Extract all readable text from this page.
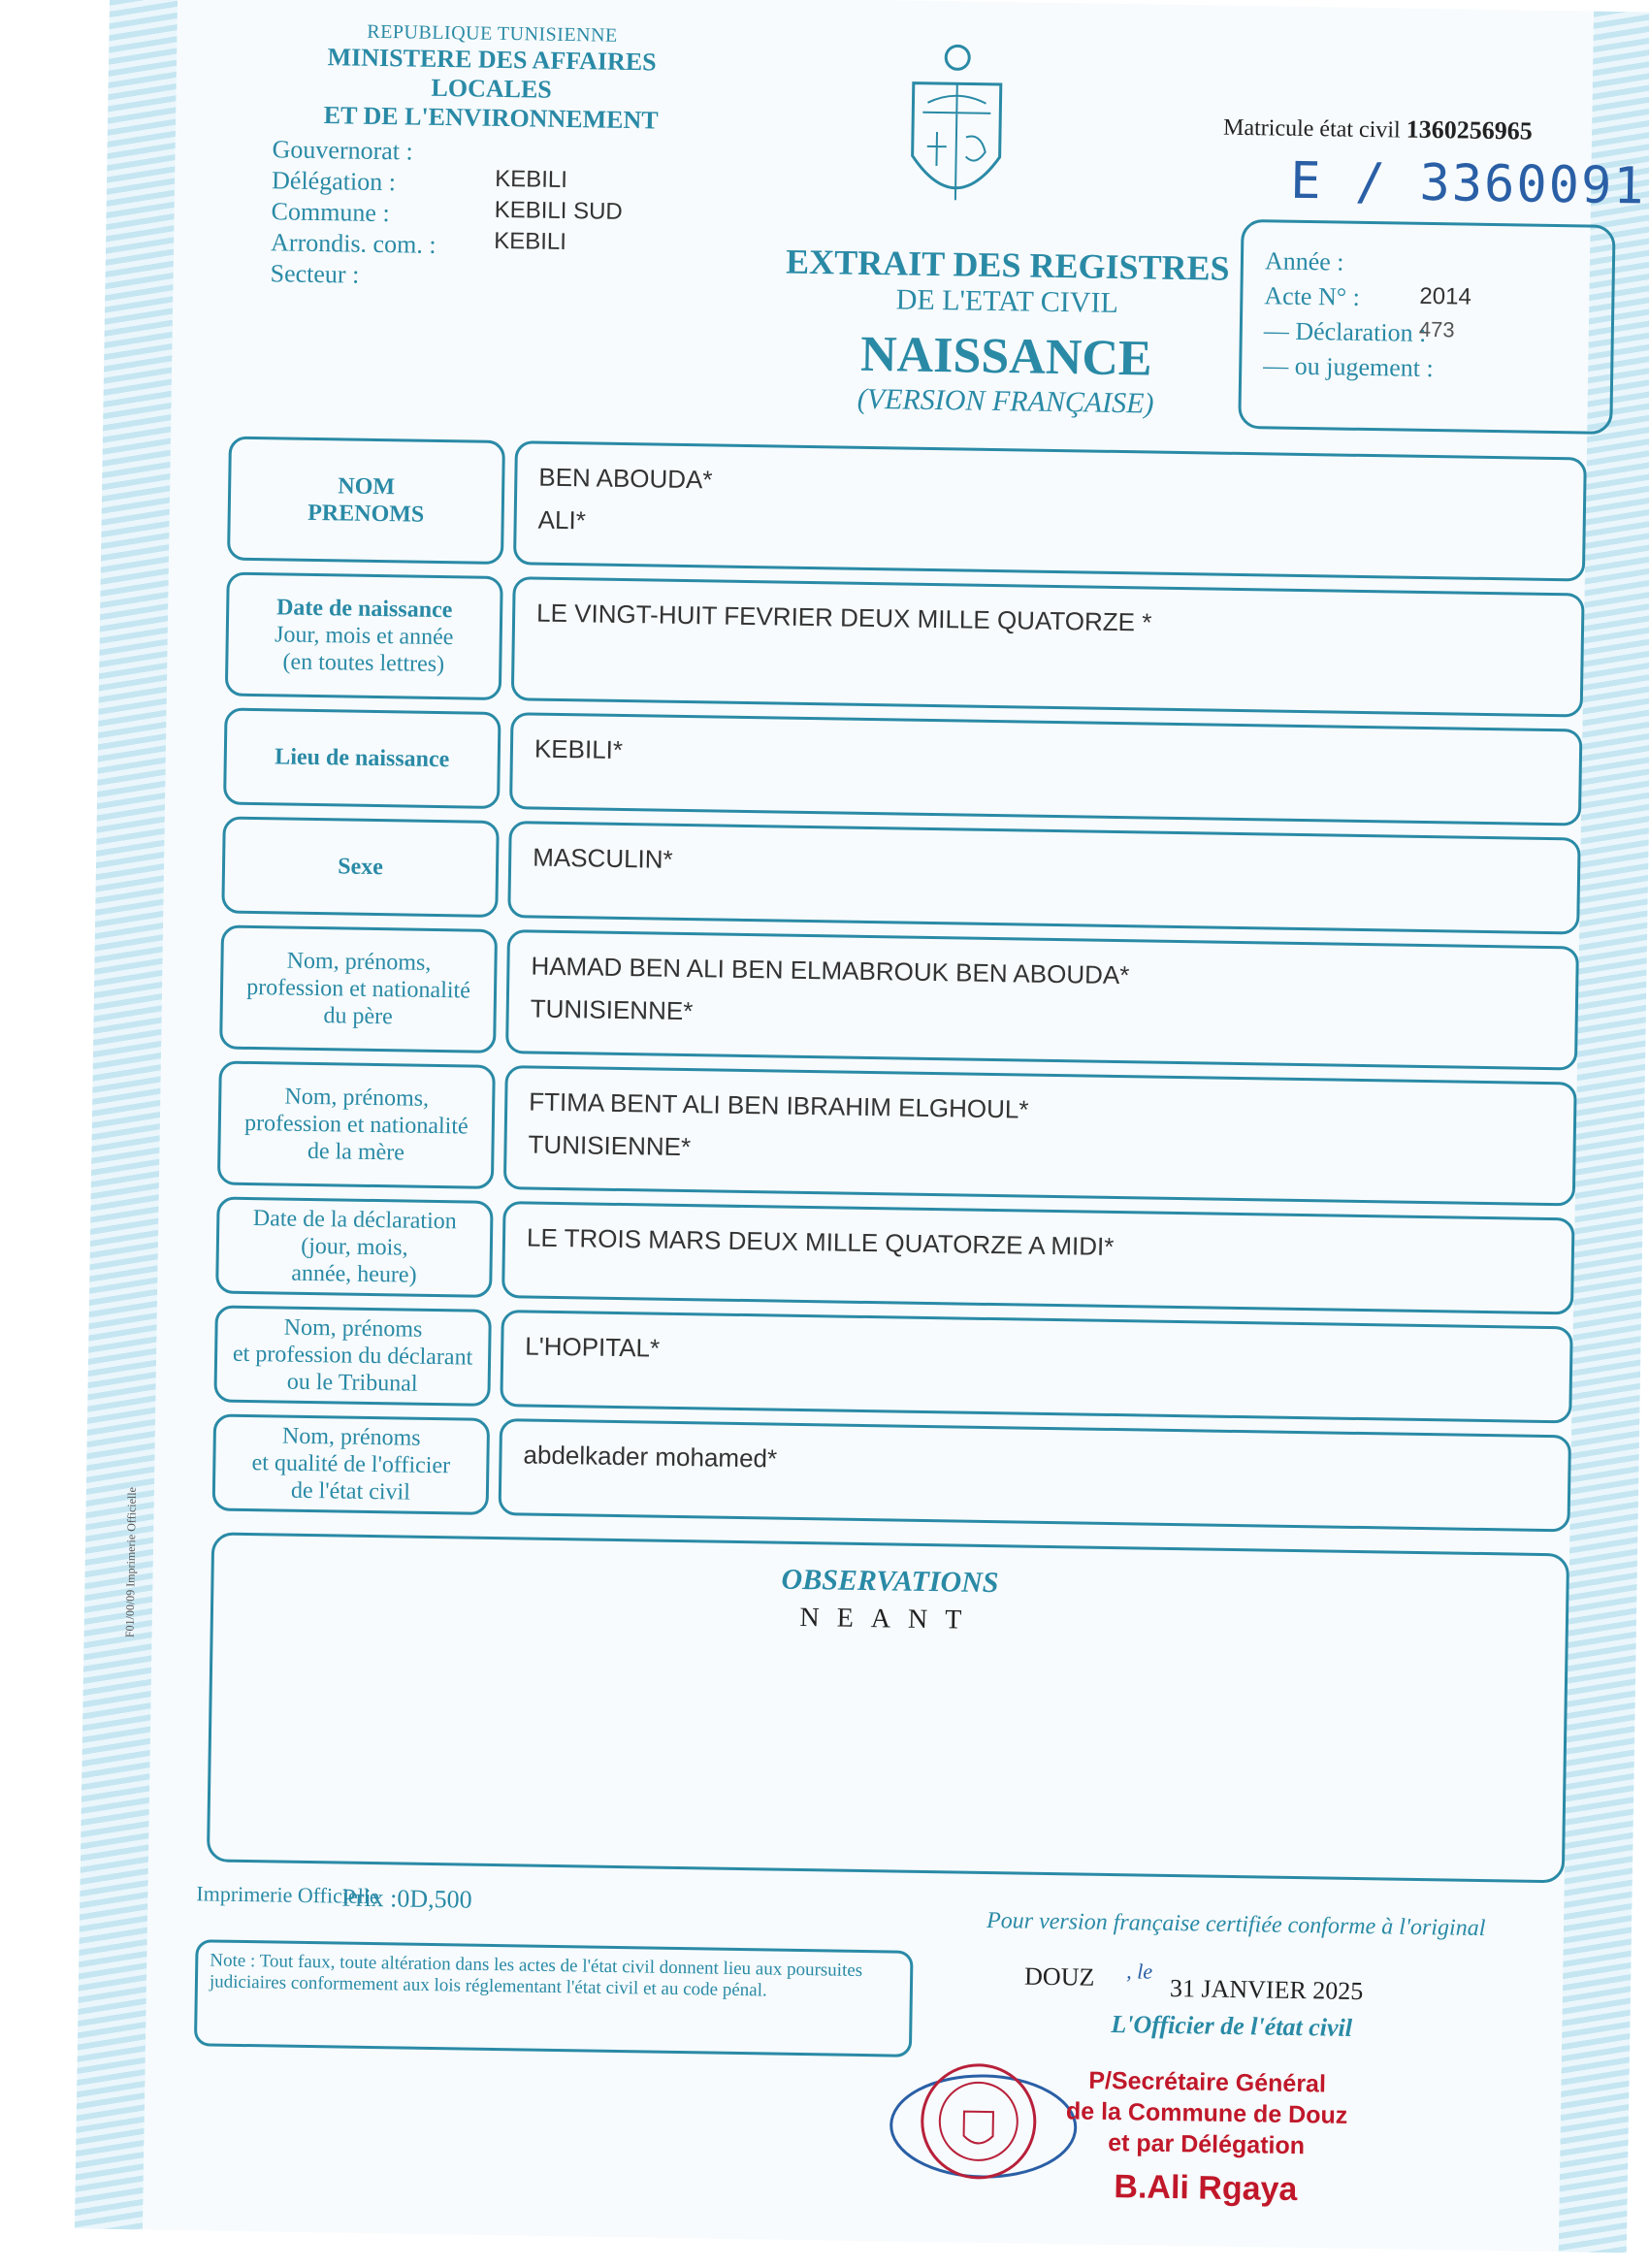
REPUBLIQUE TUNISIENNE
MINISTERE DES AFFAIRES LOCALES
ET DE L'ENVIRONNEMENT
Gouvernorat :
Délégation :
Commune :
Arrondis. com. :
Secteur :
KEBILI
KEBILI SUD
KEBILI
Matricule état civil 1360256965
E / 3360091
Année :
Acte N° :
— Déclaration :
— ou jugement :
2014
473
EXTRAIT DES REGISTRES
DE L'ETAT CIVIL
NAISSANCE
(VERSION FRANÇAISE)
NOM
PRENOMS
BEN ABOUDA*
ALI*
Date de naissance
Jour, mois et année
(en toutes lettres)
LE VINGT-HUIT FEVRIER DEUX MILLE QUATORZE *
Lieu de naissance	KEBILI*
Sexe	MASCULIN*
Nom, prénoms,
profession et nationalité
du père
HAMAD BEN ALI BEN ELMABROUK BEN ABOUDA*
TUNISIENNE*
Nom, prénoms,
profession et nationalité
de la mère
FTIMA BENT ALI BEN IBRAHIM ELGHOUL*
TUNISIENNE*
Date de la déclaration
(jour, mois,
année, heure)
LE TROIS MARS DEUX MILLE QUATORZE A MIDI*
Nom, prénoms
et profession du déclarant
ou le Tribunal
L'HOPITAL*
Nom, prénoms
et qualité de l'officier
de l'état civil
abdelkader mohamed*
OBSERVATIONS
NEANT
F01/00/09 Imprimerie Officielle
Imprimerie Officielle
Prix :0D,500
Note : Tout faux, toute altération dans les actes de l'état civil donnent lieu aux poursuites judiciaires conformement aux lois réglementant l'état civil et au code pénal.
Pour version française certifiée conforme à l'original
DOUZ , le
31 JANVIER 2025
L'Officier de l'état civil
P/Secrétaire Général
de la Commune de Douz
et par Délégation
B.Ali Rgaya
